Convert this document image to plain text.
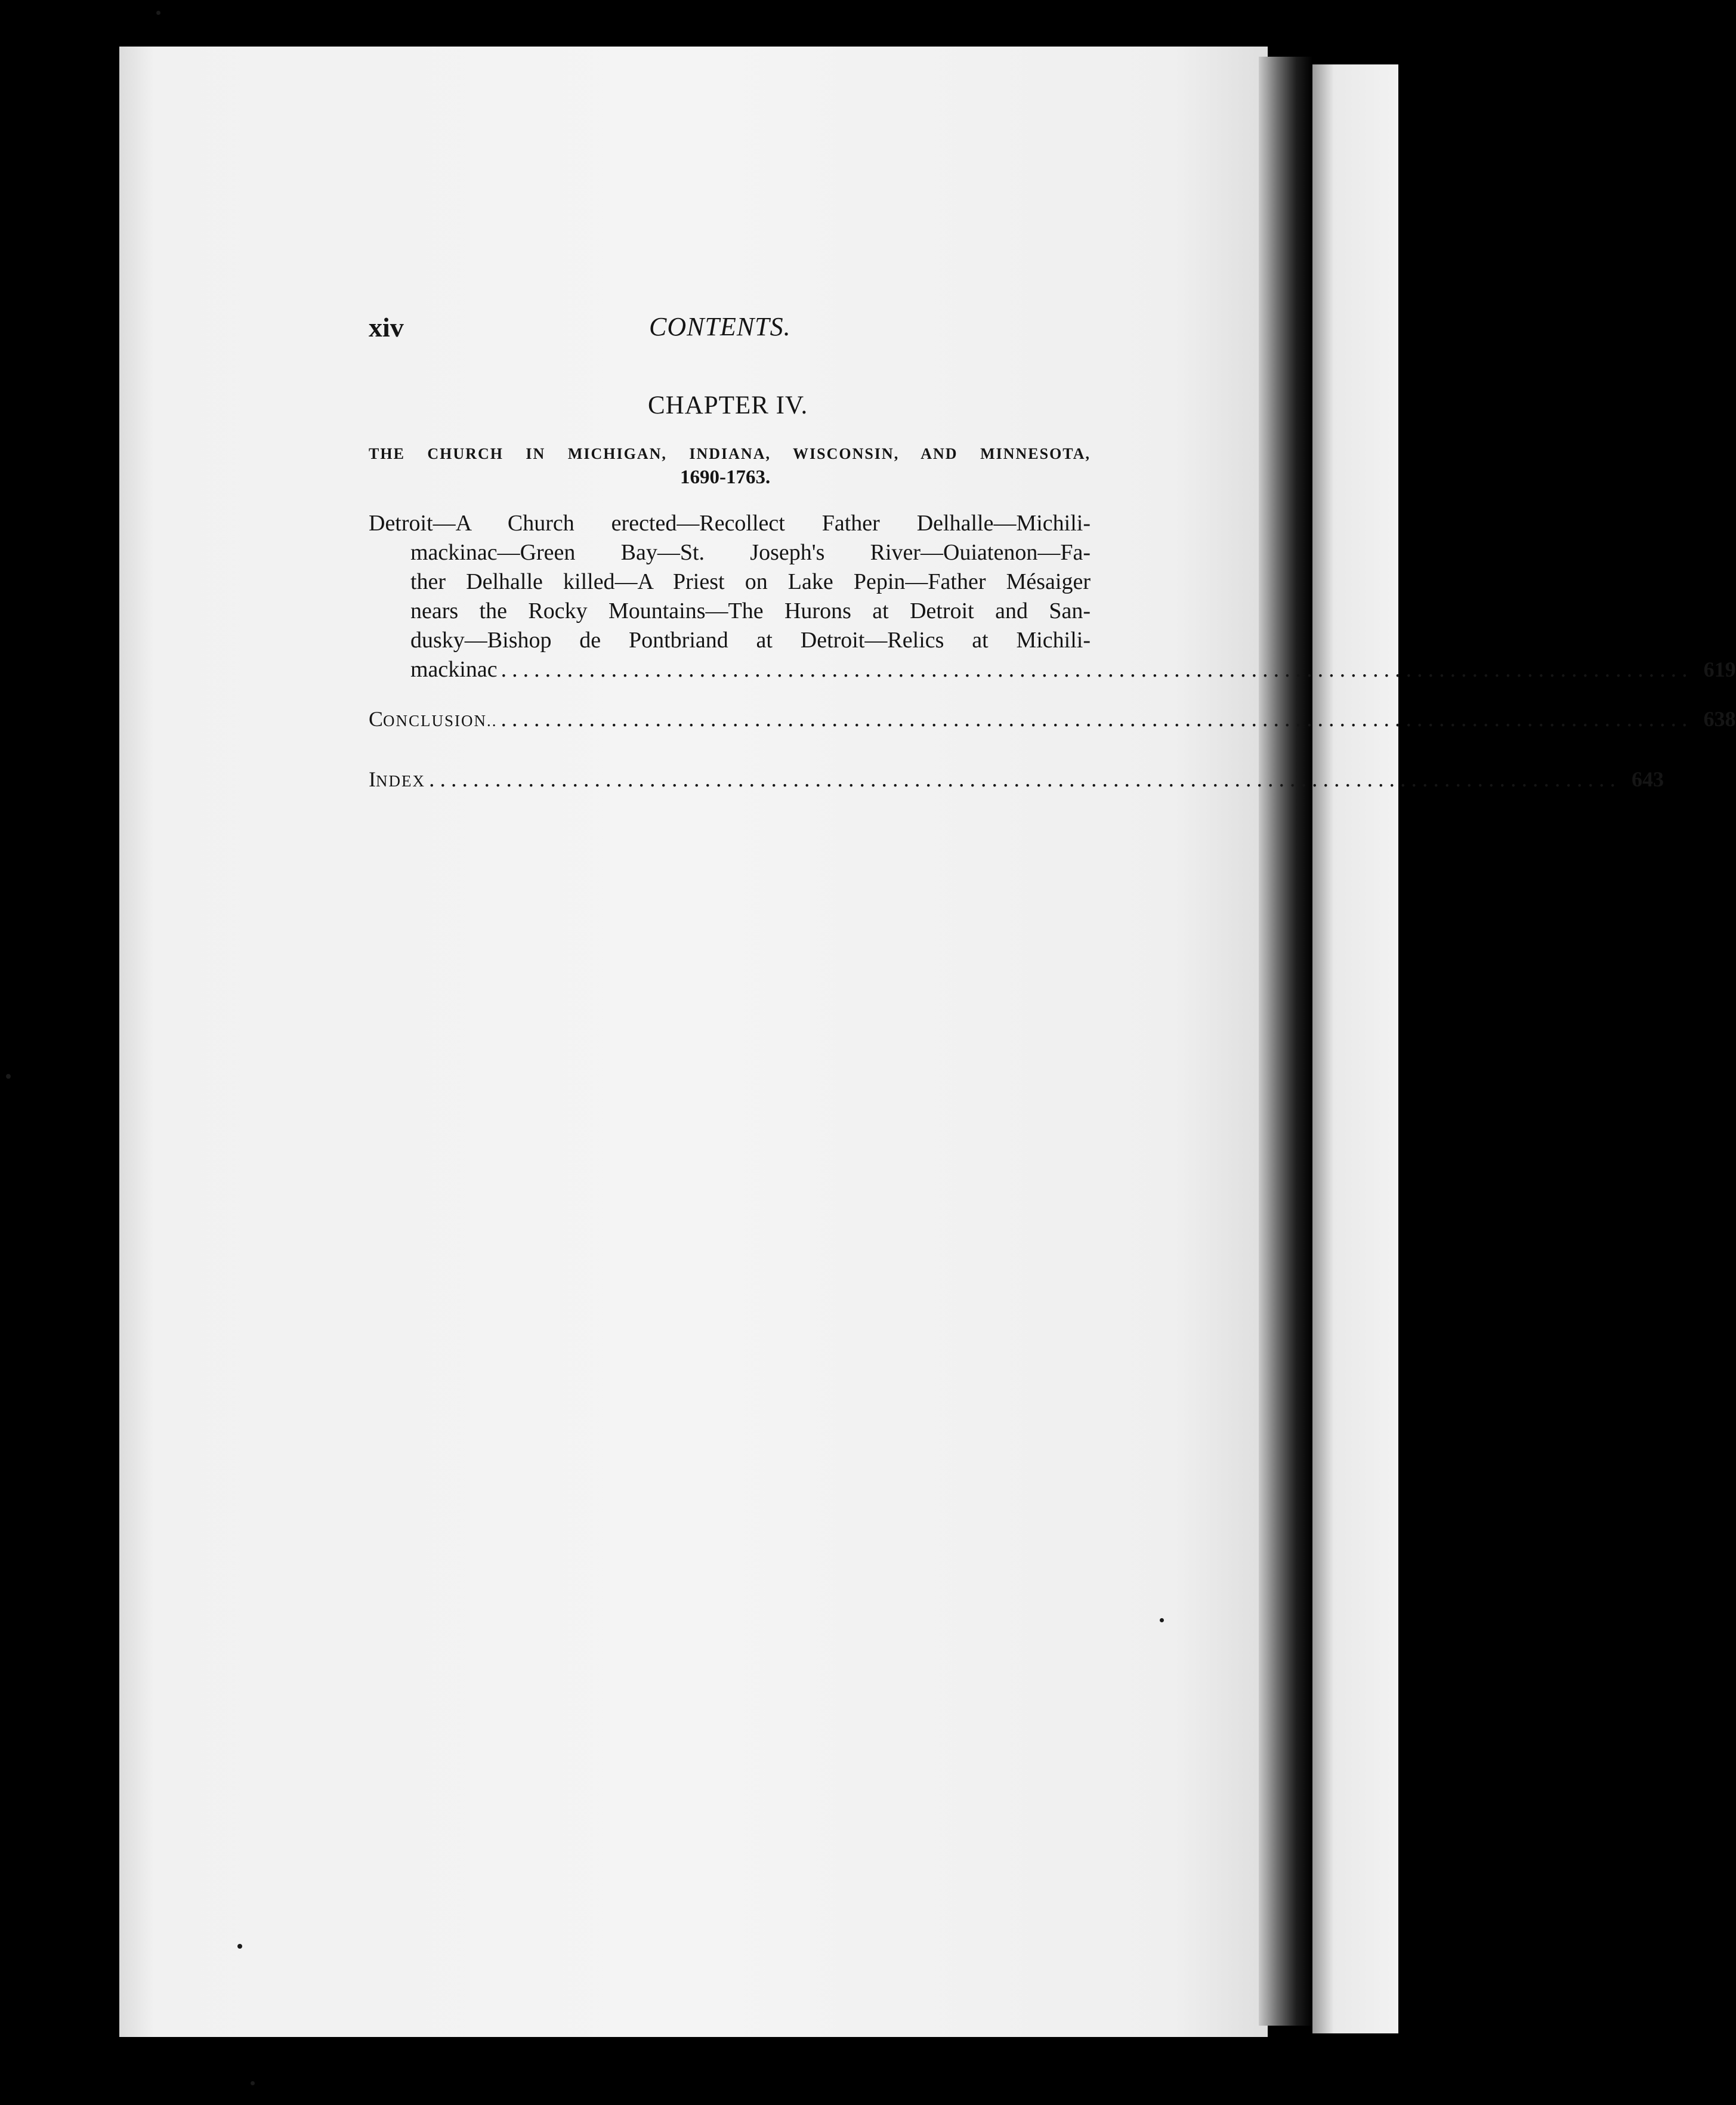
xiv	CONTENTS.
CHAPTER IV.
THE CHURCH IN MICHIGAN, INDIANA, WISCONSIN, AND MINNESOTA,
1690-1763.
Detroit—A Church erected—Recollect Father Delhalle—Michili-
mackinac—Green Bay—St. Joseph's River—Ouiatenon—Fa-
ther Delhalle killed—A Priest on Lake Pepin—Father Mésaiger
nears the Rocky Mountains—The Hurons at Detroit and San-
dusky—Bishop de Pontbriand at Detroit—Relics at Michili-
mackinac ............................................................................................................ 619
CONCLUSION.. ............................................................................................................ 638
INDEX ............................................................................................................ 643
